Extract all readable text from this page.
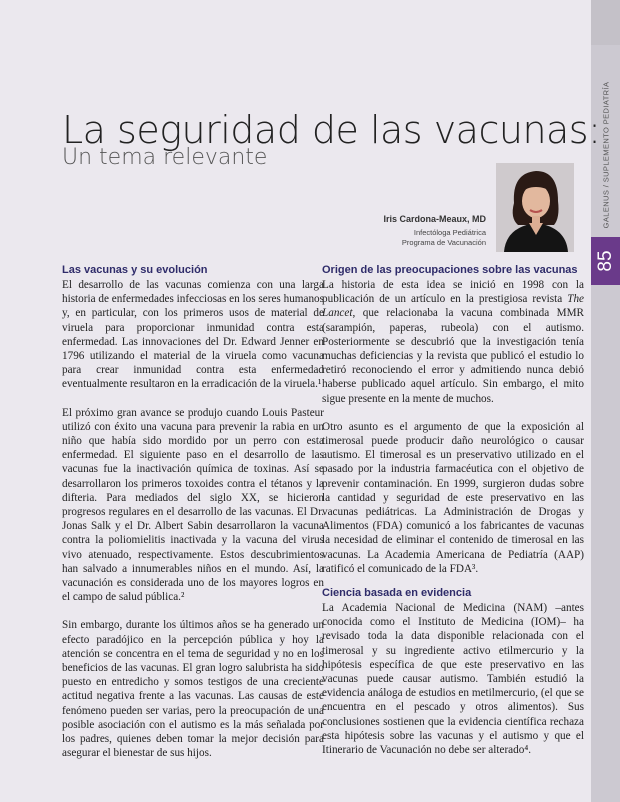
GALENUS / SUPLEMENTO PEDIATRÍA
85
La seguridad de las vacunas:
Un tema relevante
Iris Cardona-Meaux, MD
Infectóloga Pediátrica
Programa de Vacunación
Las vacunas y su evolución

El desarrollo de las vacunas comienza con una larga historia de enfermedades infecciosas en los seres humanos y, en particular, con los primeros usos de material de viruela para proporcionar inmunidad contra esta enfermedad. Las innovaciones del Dr. Edward Jenner en 1796 utilizando el material de la viruela como vacuna para crear inmunidad contra esta enfermedad eventualmente resultaron en la erradicación de la viruela.¹

El próximo gran avance se produjo cuando Louis Pasteur utilizó con éxito una vacuna para prevenir la rabia en un niño que había sido mordido por un perro con esta enfermedad. El siguiente paso en el desarrollo de las vacunas fue la inactivación química de toxinas. Así se desarrollaron los primeros toxoides contra el tétanos y la difteria. Para mediados del siglo XX, se hicieron progresos regulares en el desarrollo de las vacunas. El Dr. Jonas Salk y el Dr. Albert Sabin desarrollaron la vacuna contra la poliomielitis inactivada y la vacuna del virus vivo atenuado, respectivamente. Estos descubrimientos han salvado a innumerables niños en el mundo. Así, la vacunación es considerada uno de los mayores logros en el campo de salud pública.²

Sin embargo, durante los últimos años se ha generado un efecto paradójico en la percepción pública y hoy la atención se concentra en el tema de seguridad y no en los beneficios de las vacunas. El gran logro salubrista ha sido puesto en entredicho y somos testigos de una creciente actitud negativa frente a las vacunas. Las causas de este fenómeno pueden ser varias, pero la preocupación de una posible asociación con el autismo es la más señalada por los padres, quienes deben tomar la mejor decisión para asegurar el bienestar de sus hijos.

Origen de las preocupaciones sobre las vacunas

La historia de esta idea se inició en 1998 con la publicación de un artículo en la prestigiosa revista The Lancet, que relacionaba la vacuna combinada MMR (sarampión, paperas, rubeola) con el autismo. Posteriormente se descubrió que la investigación tenía muchas deficiencias y la revista que publicó el estudio lo retiró reconociendo el error y admitiendo nunca debió haberse publicado aquel artículo. Sin embargo, el mito sigue presente en la mente de muchos.

Otro asunto es el argumento de que la exposición al timerosal puede producir daño neurológico o causar autismo. El timerosal es un preservativo utilizado en el pasado por la industria farmacéutica con el objetivo de prevenir contaminación. En 1999, surgieron dudas sobre la cantidad y seguridad de este preservativo en las vacunas pediátricas. La Administración de Drogas y Alimentos (FDA) comunicó a los fabricantes de vacunas la necesidad de eliminar el contenido de timerosal en las vacunas. La Academia Americana de Pediatría (AAP) ratificó el comunicado de la FDA³.

Ciencia basada en evidencia

La Academia Nacional de Medicina (NAM) –antes conocida como el Instituto de Medicina (IOM)– ha revisado toda la data disponible relacionada con el timerosal y su ingrediente activo etilmercurio y la hipótesis específica de que este preservativo en las vacunas puede causar autismo. También estudió la evidencia análoga de estudios en metilmercurio, (el que se encuentra en el pescado y otros alimentos). Sus conclusiones sostienen que la evidencia científica rechaza esta hipótesis sobre las vacunas y el autismo y que el Itinerario de Vacunación no debe ser alterado⁴.
